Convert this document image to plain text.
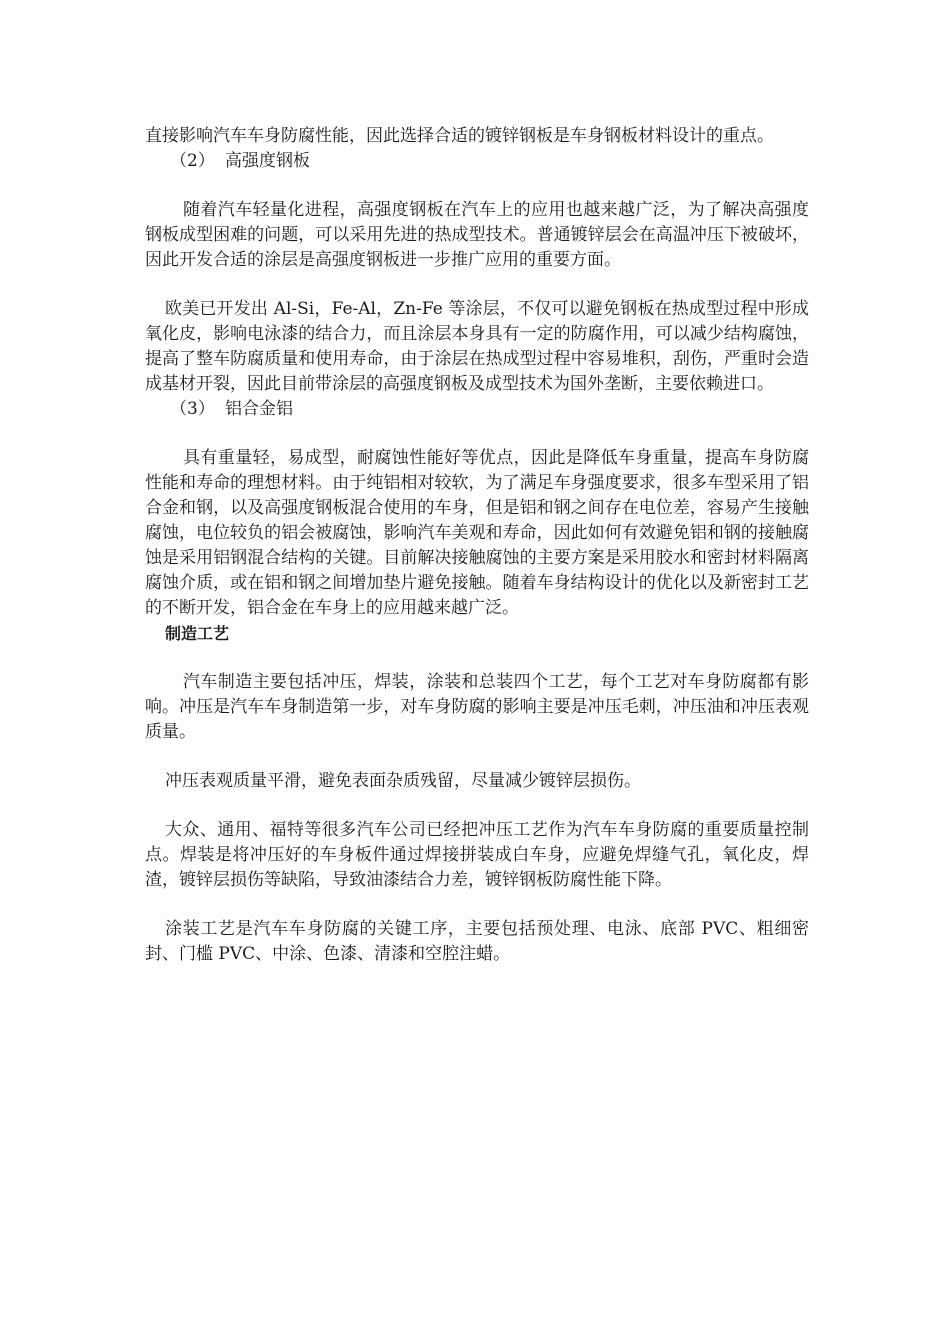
直接影响汽车车身防腐性能，因此选择合适的镀锌钢板是车身钢板材料设计的重点。

（2） 高强度钢板

随着汽车轻量化进程，高强度钢板在汽车上的应用也越来越广泛，为了解决高强度钢板成型困难的问题，可以采用先进的热成型技术。普通镀锌层会在高温冲压下被破坏，因此开发合适的涂层是高强度钢板进一步推广应用的重要方面。

欧美已开发出 Al-Si，Fe-Al，Zn-Fe 等涂层，不仅可以避免钢板在热成型过程中形成氧化皮，影响电泳漆的结合力，而且涂层本身具有一定的防腐作用，可以减少结构腐蚀，提高了整车防腐质量和使用寿命，由于涂层在热成型过程中容易堆积，刮伤，严重时会造成基材开裂，因此目前带涂层的高强度钢板及成型技术为国外垄断，主要依赖进口。

（3） 铝合金铝

具有重量轻，易成型，耐腐蚀性能好等优点，因此是降低车身重量，提高车身防腐性能和寿命的理想材料。由于纯铝相对较软，为了满足车身强度要求，很多车型采用了铝合金和钢，以及高强度钢板混合使用的车身，但是铝和钢之间存在电位差，容易产生接触腐蚀，电位较负的铝会被腐蚀，影响汽车美观和寿命，因此如何有效避免铝和钢的接触腐蚀是采用铝钢混合结构的关键。目前解决接触腐蚀的主要方案是采用胶水和密封材料隔离腐蚀介质，或在铝和钢之间增加垫片避免接触。随着车身结构设计的优化以及新密封工艺的不断开发，铝合金在车身上的应用越来越广泛。

制造工艺

汽车制造主要包括冲压，焊装，涂装和总装四个工艺，每个工艺对车身防腐都有影响。冲压是汽车车身制造第一步，对车身防腐的影响主要是冲压毛刺，冲压油和冲压表观质量。

冲压表观质量平滑，避免表面杂质残留，尽量减少镀锌层损伤。

大众、通用、福特等很多汽车公司已经把冲压工艺作为汽车车身防腐的重要质量控制点。焊装是将冲压好的车身板件通过焊接拼装成白车身，应避免焊缝气孔，氧化皮，焊渣，镀锌层损伤等缺陷，导致油漆结合力差，镀锌钢板防腐性能下降。

涂装工艺是汽车车身防腐的关键工序，主要包括预处理、电泳、底部 PVC、粗细密封、门槛 PVC、中涂、色漆、清漆和空腔注蜡。
